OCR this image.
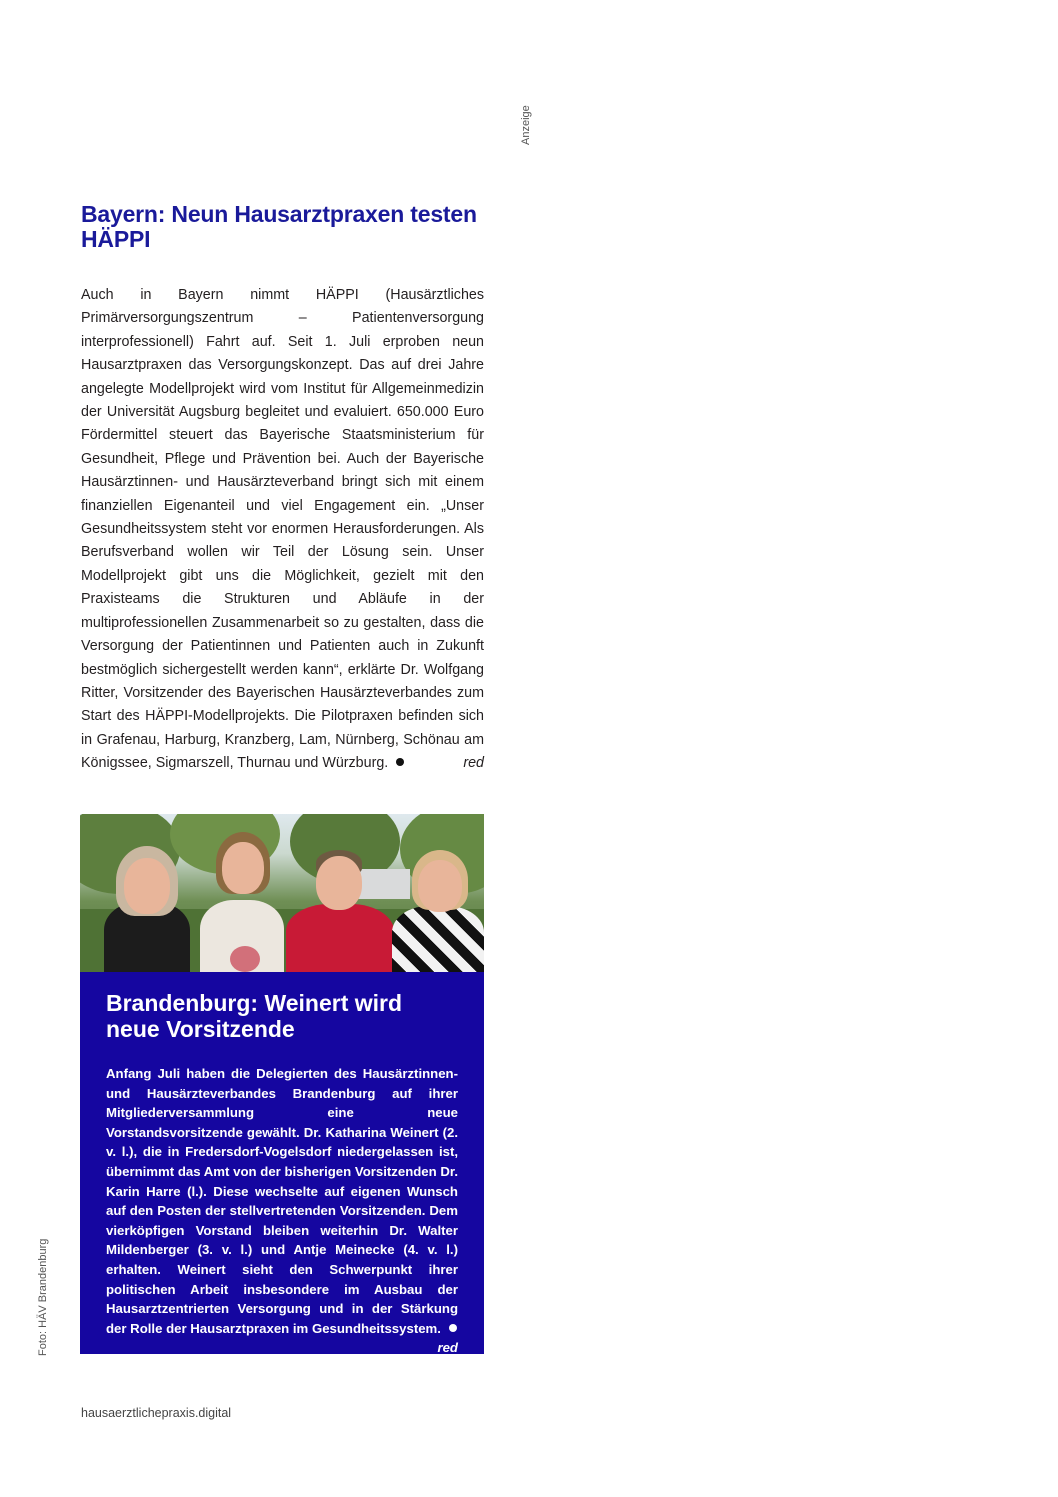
Anzeige
Bayern: Neun Hausarztpraxen testen HÄPPI
Auch in Bayern nimmt HÄPPI (Hausärztliches Primärversorgungszentrum – Patientenversorgung interprofessionell) Fahrt auf. Seit 1. Juli erproben neun Hausarztpraxen das Versorgungskonzept. Das auf drei Jahre angelegte Modellprojekt wird vom Institut für Allgemeinmedizin der Universität Augsburg begleitet und evaluiert. 650.000 Euro Fördermittel steuert das Bayerische Staatsministerium für Gesundheit, Pflege und Prävention bei. Auch der Bayerische Hausärztinnen- und Hausärzteverband bringt sich mit einem finanziellen Eigenanteil und viel Engagement ein. „Unser Gesundheitssystem steht vor enormen Herausforderungen. Als Berufsverband wollen wir Teil der Lösung sein. Unser Modellprojekt gibt uns die Möglichkeit, gezielt mit den Praxisteams die Strukturen und Abläufe in der multiprofessionellen Zusammenarbeit so zu gestalten, dass die Versorgung der Patientinnen und Patienten auch in Zukunft bestmöglich sichergestellt werden kann“, erklärte Dr. Wolfgang Ritter, Vorsitzender des Bayerischen Hausärzteverbandes zum Start des HÄPPI-Modellprojekts. Die Pilotpraxen befinden sich in Grafenau, Harburg, Kranzberg, Lam, Nürnberg, Schönau am Königssee, Sigmarszell, Thurnau und Würzburg.	red
Brandenburg: Weinert wird neue Vorsitzende
Anfang Juli haben die Delegierten des Hausärztinnen- und Hausärzteverbandes Brandenburg auf ihrer Mitgliederversammlung eine neue Vorstandsvorsitzende gewählt. Dr. Katharina Weinert (2. v. l.), die in Fredersdorf-Vogelsdorf niedergelassen ist, übernimmt das Amt von der bisherigen Vorsitzenden Dr. Karin Harre (l.). Diese wechselte auf eigenen Wunsch auf den Posten der stellvertretenden Vorsitzenden. Dem vierköpfigen Vorstand bleiben weiterhin Dr. Walter Mildenberger (3. v. l.) und Antje Meinecke (4. v. l.) erhalten. Weinert sieht den Schwerpunkt ihrer politischen Arbeit insbesondere im Ausbau der Hausarztzentrierten Versorgung und in der Stärkung der Rolle der Hausarztpraxen im Gesundheitssystem.
red
Foto: HÄV Brandenburg
hausaerztlichepraxis.digital
